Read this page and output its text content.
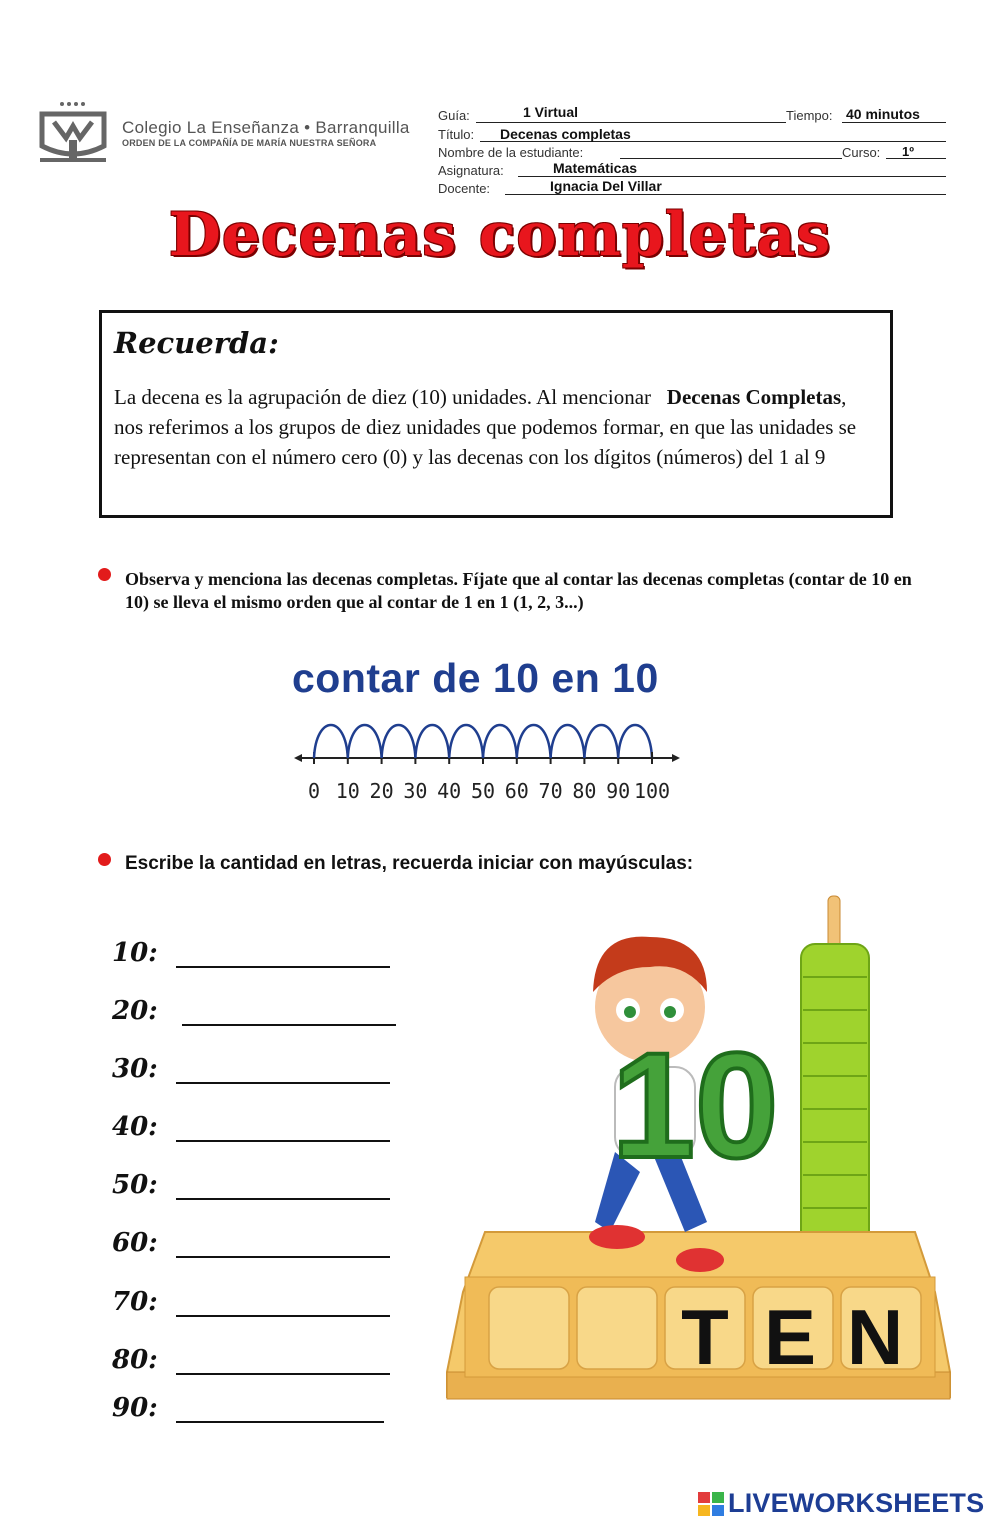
Colegio La Enseñanza • Barranquilla
ORDEN DE LA COMPAÑÍA DE MARÍA NUESTRA SEÑORA
Guía:	1 Virtual	Tiempo: 40 minutos
Título: Decenas completas
Nombre de la estudiante:	Curso: 1º
Asignatura:	Matemáticas
Docente:	Ignacia Del Villar
Decenas completas
Recuerda:
La decena es la agrupación de diez (10) unidades. Al mencionar Decenas Completas, nos referimos a los grupos de diez unidades que podemos formar, en que las unidades se representan con el número cero (0) y las decenas con los dígitos (números) del 1 al 9
Observa y menciona las decenas completas. Fíjate que al contar las decenas completas (contar de 10 en 10) se lleva el mismo orden que al contar de 1 en 1 (1, 2, 3...)
contar de 10 en 10
0 10 20 30 40 50 60 70 80 90 100
Escribe la cantidad en letras, recuerda iniciar con mayúsculas:
10:
20:
30:
40:
50:
60:
70:
80:
90:
T E N
10
LIVEWORKSHEETS
